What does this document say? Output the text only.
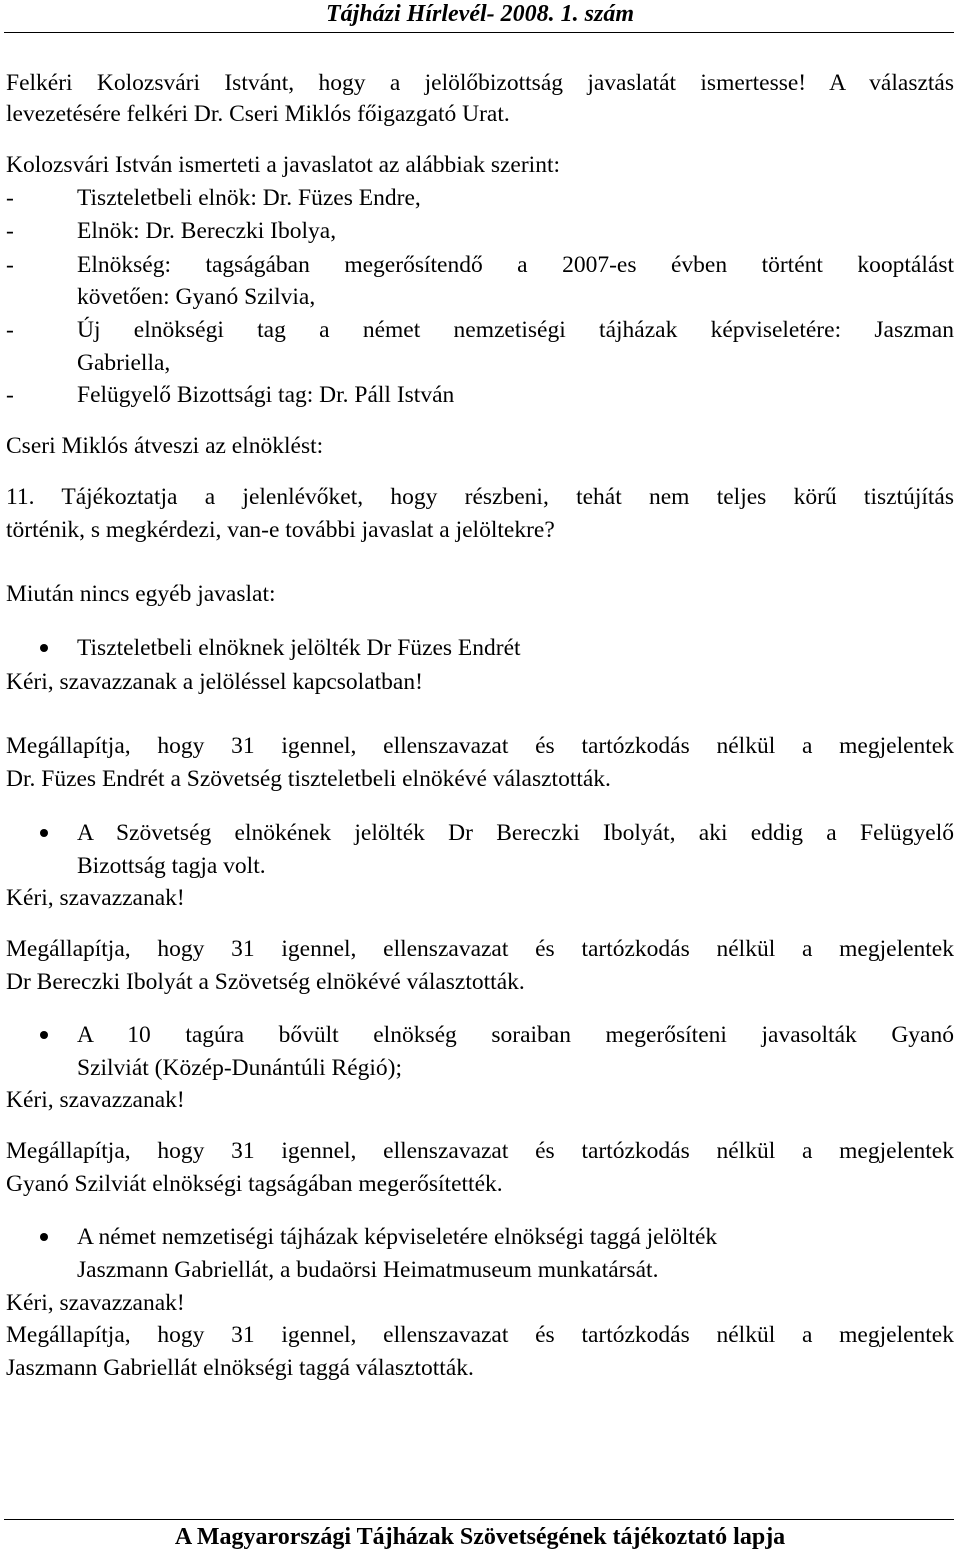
Tájházi Hírlevél- 2008. 1. szám
Felkéri Kolozsvári Istvánt, hogy a jelölőbizottság javaslatát ismertesse! A választás
levezetésére felkéri Dr. Cseri Miklós főigazgató Urat.
Kolozsvári István ismerteti a javaslatot az alábbiak szerint:
-	Tiszteletbeli elnök: Dr. Füzes Endre,
-	Elnök: Dr. Bereczki Ibolya,
-	Elnökség: tagságában megerősítendő a 2007-es évben történt kooptálást
követően: Gyanó Szilvia,
-	Új elnökségi tag a német nemzetiségi tájházak képviseletére: Jaszman
Gabriella,
-	Felügyelő Bizottsági tag: Dr. Páll István
Cseri Miklós átveszi az elnöklést:
11. Tájékoztatja a jelenlévőket, hogy részbeni, tehát nem teljes körű tisztújítás
történik, s megkérdezi, van-e további javaslat a jelöltekre?
Miután nincs egyéb javaslat:
Tiszteletbeli elnöknek jelölték Dr Füzes Endrét
Kéri, szavazzanak a jelöléssel kapcsolatban!
Megállapítja, hogy 31 igennel, ellenszavazat és tartózkodás nélkül a megjelentek
Dr. Füzes Endrét a Szövetség tiszteletbeli elnökévé választották.
A Szövetség elnökének jelölték Dr Bereczki Ibolyát, aki eddig a Felügyelő
Bizottság tagja volt.
Kéri, szavazzanak!
Megállapítja, hogy 31 igennel, ellenszavazat és tartózkodás nélkül a megjelentek
Dr Bereczki Ibolyát a Szövetség elnökévé választották.
A 10 tagúra bővült elnökség soraiban megerősíteni javasolták Gyanó
Szilviát (Közép-Dunántúli Régió);
Kéri, szavazzanak!
Megállapítja, hogy 31 igennel, ellenszavazat és tartózkodás nélkül a megjelentek
Gyanó Szilviát elnökségi tagságában megerősítették.
A német nemzetiségi tájházak képviseletére elnökségi taggá jelölték
Jaszmann Gabriellát, a budaörsi Heimatmuseum munkatársát.
Kéri, szavazzanak!
Megállapítja, hogy 31 igennel, ellenszavazat és tartózkodás nélkül a megjelentek
Jaszmann Gabriellát elnökségi taggá választották.
A Magyarországi Tájházak Szövetségének tájékoztató lapja
